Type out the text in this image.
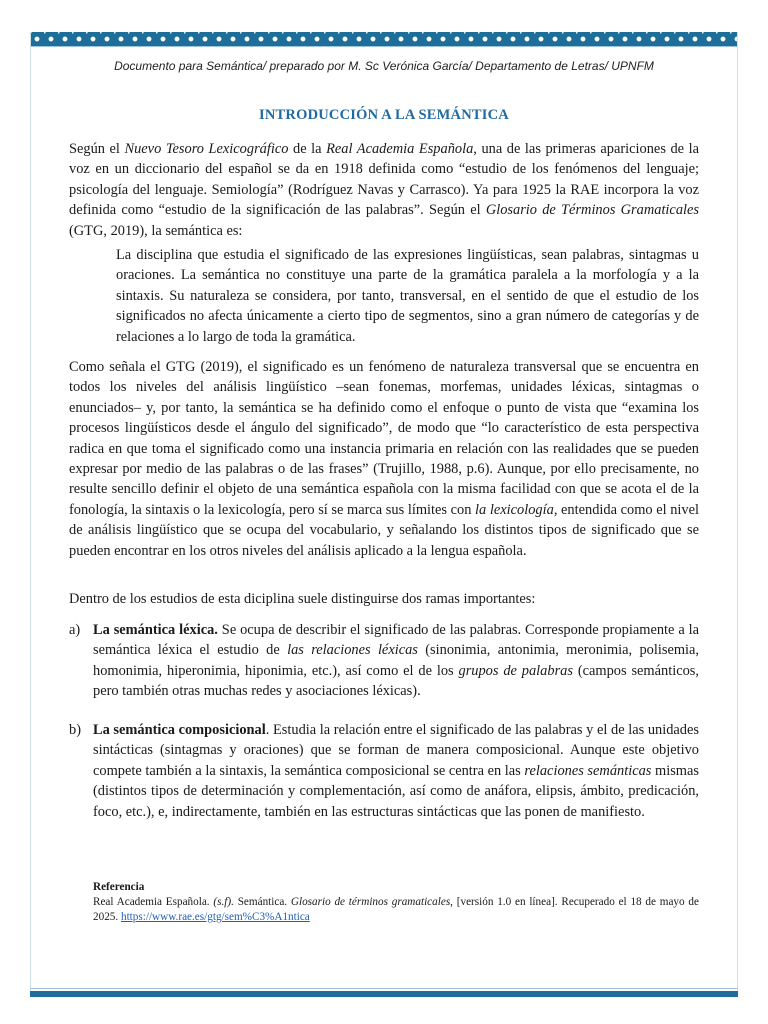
Documento para Semántica/ preparado por M. Sc Verónica García/ Departamento de Letras/ UPNFM
INTRODUCCIÓN A LA SEMÁNTICA
Según el Nuevo Tesoro Lexicográfico de la Real Academia Española, una de las primeras apariciones de la voz en un diccionario del español se da en 1918 definida como “estudio de los fenómenos del lenguaje; psicología del lenguaje. Semiología” (Rodríguez Navas y Carrasco). Ya para 1925 la RAE incorpora la voz definida como “estudio de la significación de las palabras”. Según el Glosario de Términos Gramaticales (GTG, 2019), la semántica es:
La disciplina que estudia el significado de las expresiones lingüísticas, sean palabras, sintagmas u oraciones. La semántica no constituye una parte de la gramática paralela a la morfología y a la sintaxis. Su naturaleza se considera, por tanto, transversal, en el sentido de que el estudio de los significados no afecta únicamente a cierto tipo de segmentos, sino a gran número de categorías y de relaciones a lo largo de toda la gramática.
Como señala el GTG (2019), el significado es un fenómeno de naturaleza transversal que se encuentra en todos los niveles del análisis lingüístico –sean fonemas, morfemas, unidades léxicas, sintagmas o enunciados– y, por tanto, la semántica se ha definido como el enfoque o punto de vista que “examina los procesos lingüísticos desde el ángulo del significado”, de modo que “lo característico de esta perspectiva radica en que toma el significado como una instancia primaria en relación con las realidades que se pueden expresar por medio de las palabras o de las frases” (Trujillo, 1988, p.6). Aunque, por ello precisamente, no resulte sencillo definir el objeto de una semántica española con la misma facilidad con que se acota el de la fonología, la sintaxis o la lexicología, pero sí se marca sus límites con la lexicología, entendida como el nivel de análisis lingüístico que se ocupa del vocabulario, y señalando los distintos tipos de significado que se pueden encontrar en los otros niveles del análisis aplicado a la lengua española.
Dentro de los estudios de esta diciplina suele distinguirse dos ramas importantes:
a) La semántica léxica. Se ocupa de describir el significado de las palabras. Corresponde propiamente a la semántica léxica el estudio de las relaciones léxicas (sinonimia, antonimia, meronimia, polisemia, homonimia, hiperonimia, hiponimia, etc.), así como el de los grupos de palabras (campos semánticos, pero también otras muchas redes y asociaciones léxicas).
b) La semántica composicional. Estudia la relación entre el significado de las palabras y el de las unidades sintácticas (sintagmas y oraciones) que se forman de manera composicional. Aunque este objetivo compete también a la sintaxis, la semántica composicional se centra en las relaciones semánticas mismas (distintos tipos de determinación y complementación, así como de anáfora, elipsis, ámbito, predicación, foco, etc.), e, indirectamente, también en las estructuras sintácticas que las ponen de manifiesto.
Referencia
Real Academia Española. (s.f). Semántica. Glosario de términos gramaticales, [versión 1.0 en línea]. Recuperado el 18 de mayo de 2025. https://www.rae.es/gtg/sem%C3%A1ntica
